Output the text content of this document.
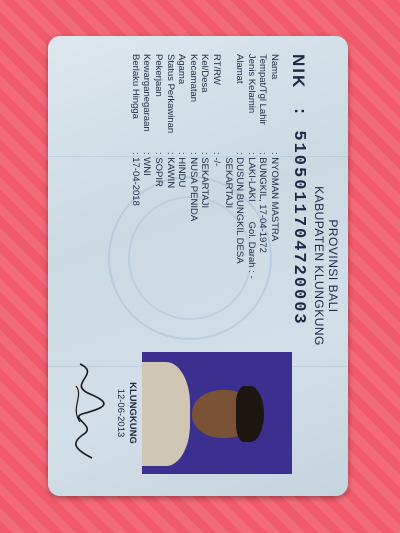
PROVINSI BALI
KABUPATEN KLUNGKUNG
NIK
: 5105011704720003
Nama
: NYOMAN MASTRA
Tempat/Tgl Lahir
: BUNGKIL, 17-04-1972
Jenis Kelamin
: LAKI-LAKI
Gol. Darah : -
Alamat
: DUSUN BUNGKIL DESA
SEKARTAJI
RT/RW
: -/-
Kel/Desa
: SEKARTAJI
Kecamatan
: NUSA PENIDA
Agama
: HINDU
Status Perkawinan
: KAWIN
Pekerjaan
: SOPIR
Kewarganegaraan
: WNI
Berlaku Hingga
: 17-04-2018
KLUNGKUNG
12-06-2013
